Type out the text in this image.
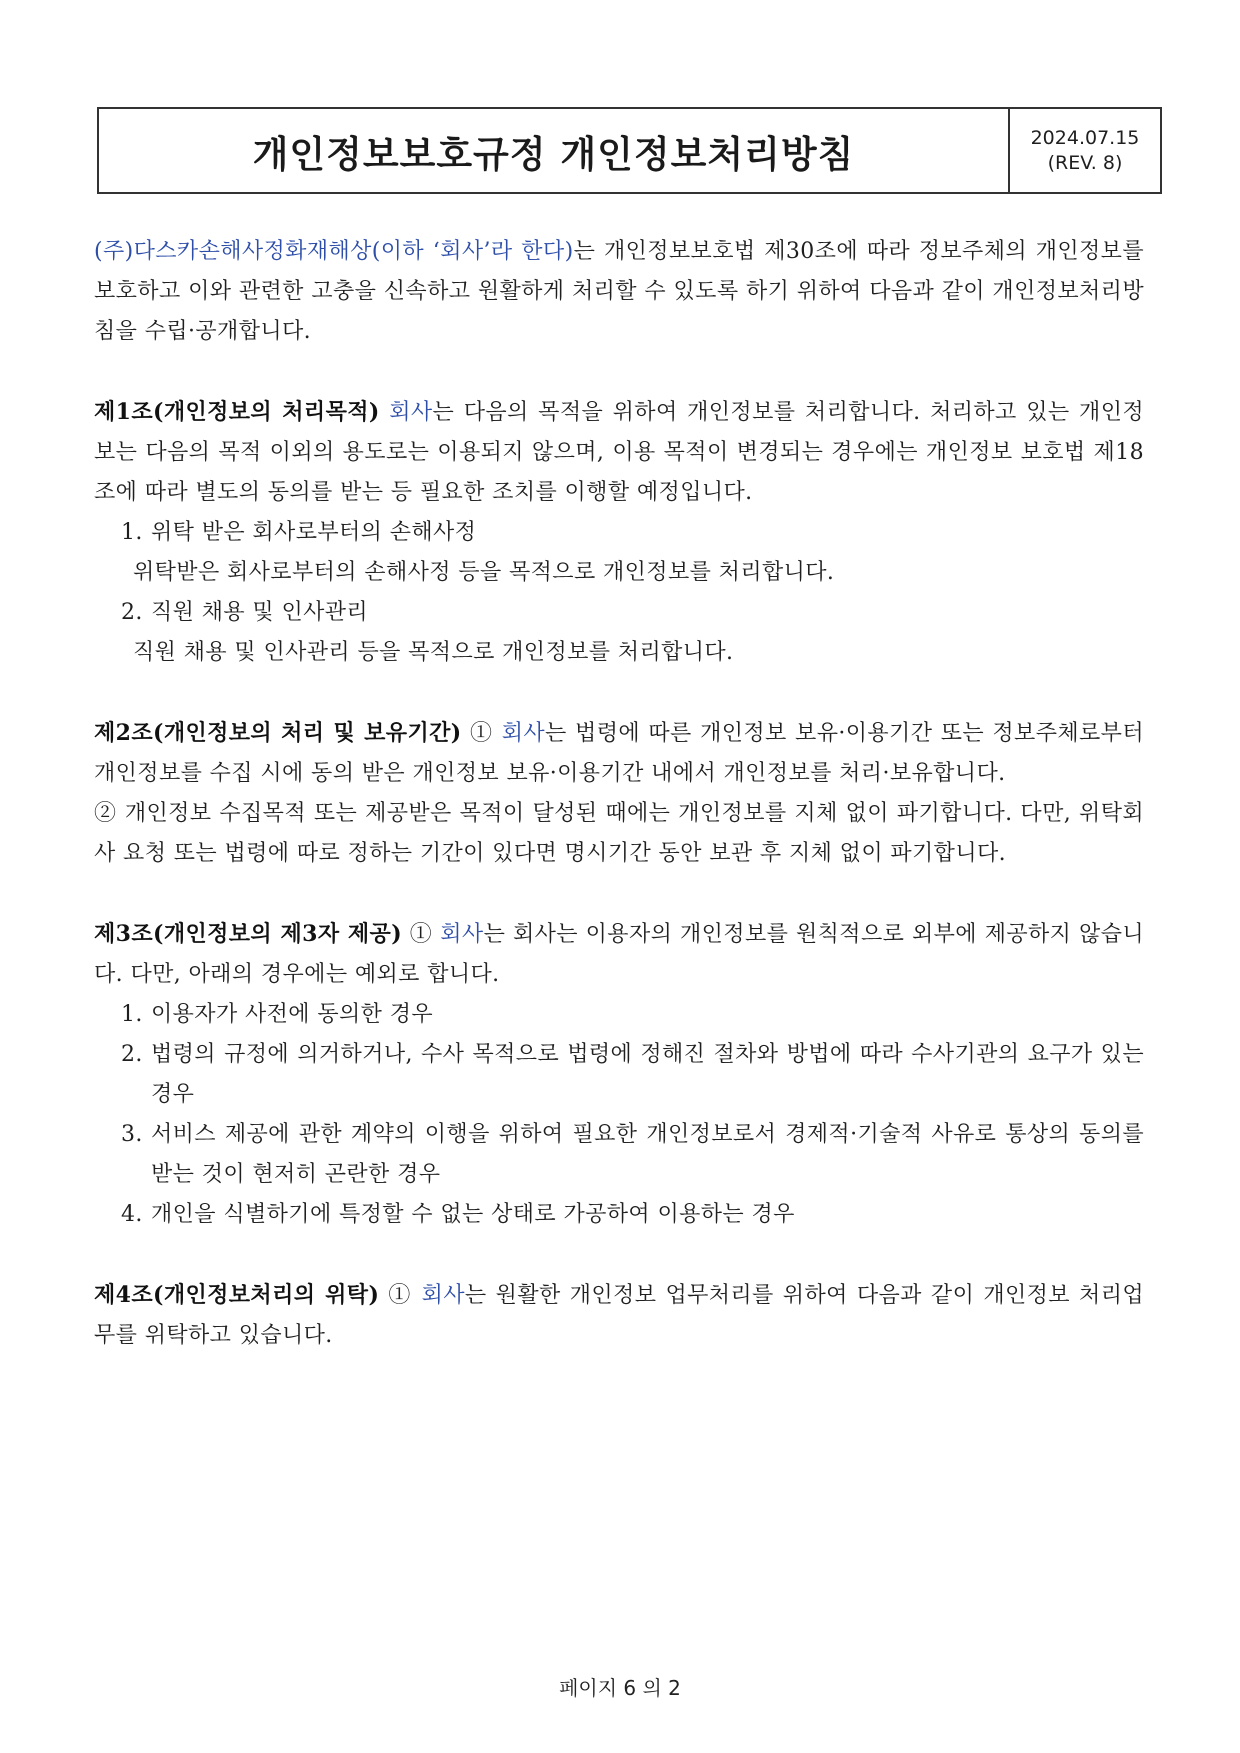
개인정보보호규정 개인정보처리방침	2024.07.15
(REV. 8)

(주)다스카손해사정화재해상(이하 ‘회사’라 한다)는 개인정보보호법 제30조에 따라 정보주체의 개인정보를 보호하고 이와 관련한 고충을 신속하고 원활하게 처리할 수 있도록 하기 위하여 다음과 같이 개인정보처리방침을 수립·공개합니다.

제1조(개인정보의 처리목적) 회사는 다음의 목적을 위하여 개인정보를 처리합니다. 처리하고 있는 개인정보는 다음의 목적 이외의 용도로는 이용되지 않으며, 이용 목적이 변경되는 경우에는 개인정보 보호법 제18조에 따라 별도의 동의를 받는 등 필요한 조치를 이행할 예정입니다.

1. 위탁 받은 회사로부터의 손해사정
위탁받은 회사로부터의 손해사정 등을 목적으로 개인정보를 처리합니다.
2. 직원 채용 및 인사관리
직원 채용 및 인사관리 등을 목적으로 개인정보를 처리합니다.

제2조(개인정보의 처리 및 보유기간) ① 회사는 법령에 따른 개인정보 보유·이용기간 또는 정보주체로부터 개인정보를 수집 시에 동의 받은 개인정보 보유·이용기간 내에서 개인정보를 처리·보유합니다.

② 개인정보 수집목적 또는 제공받은 목적이 달성된 때에는 개인정보를 지체 없이 파기합니다. 다만, 위탁회사 요청 또는 법령에 따로 정하는 기간이 있다면 명시기간 동안 보관 후 지체 없이 파기합니다.

제3조(개인정보의 제3자 제공) ① 회사는 회사는 이용자의 개인정보를 원칙적으로 외부에 제공하지 않습니다. 다만, 아래의 경우에는 예외로 합니다.

1. 이용자가 사전에 동의한 경우
2. 법령의 규정에 의거하거나, 수사 목적으로 법령에 정해진 절차와 방법에 따라 수사기관의 요구가 있는 경우
3. 서비스 제공에 관한 계약의 이행을 위하여 필요한 개인정보로서 경제적·기술적 사유로 통상의 동의를 받는 것이 현저히 곤란한 경우
4. 개인을 식별하기에 특정할 수 없는 상태로 가공하여 이용하는 경우

제4조(개인정보처리의 위탁) ① 회사는 원활한 개인정보 업무처리를 위하여 다음과 같이 개인정보 처리업무를 위탁하고 있습니다.

페이지 6 의 2
